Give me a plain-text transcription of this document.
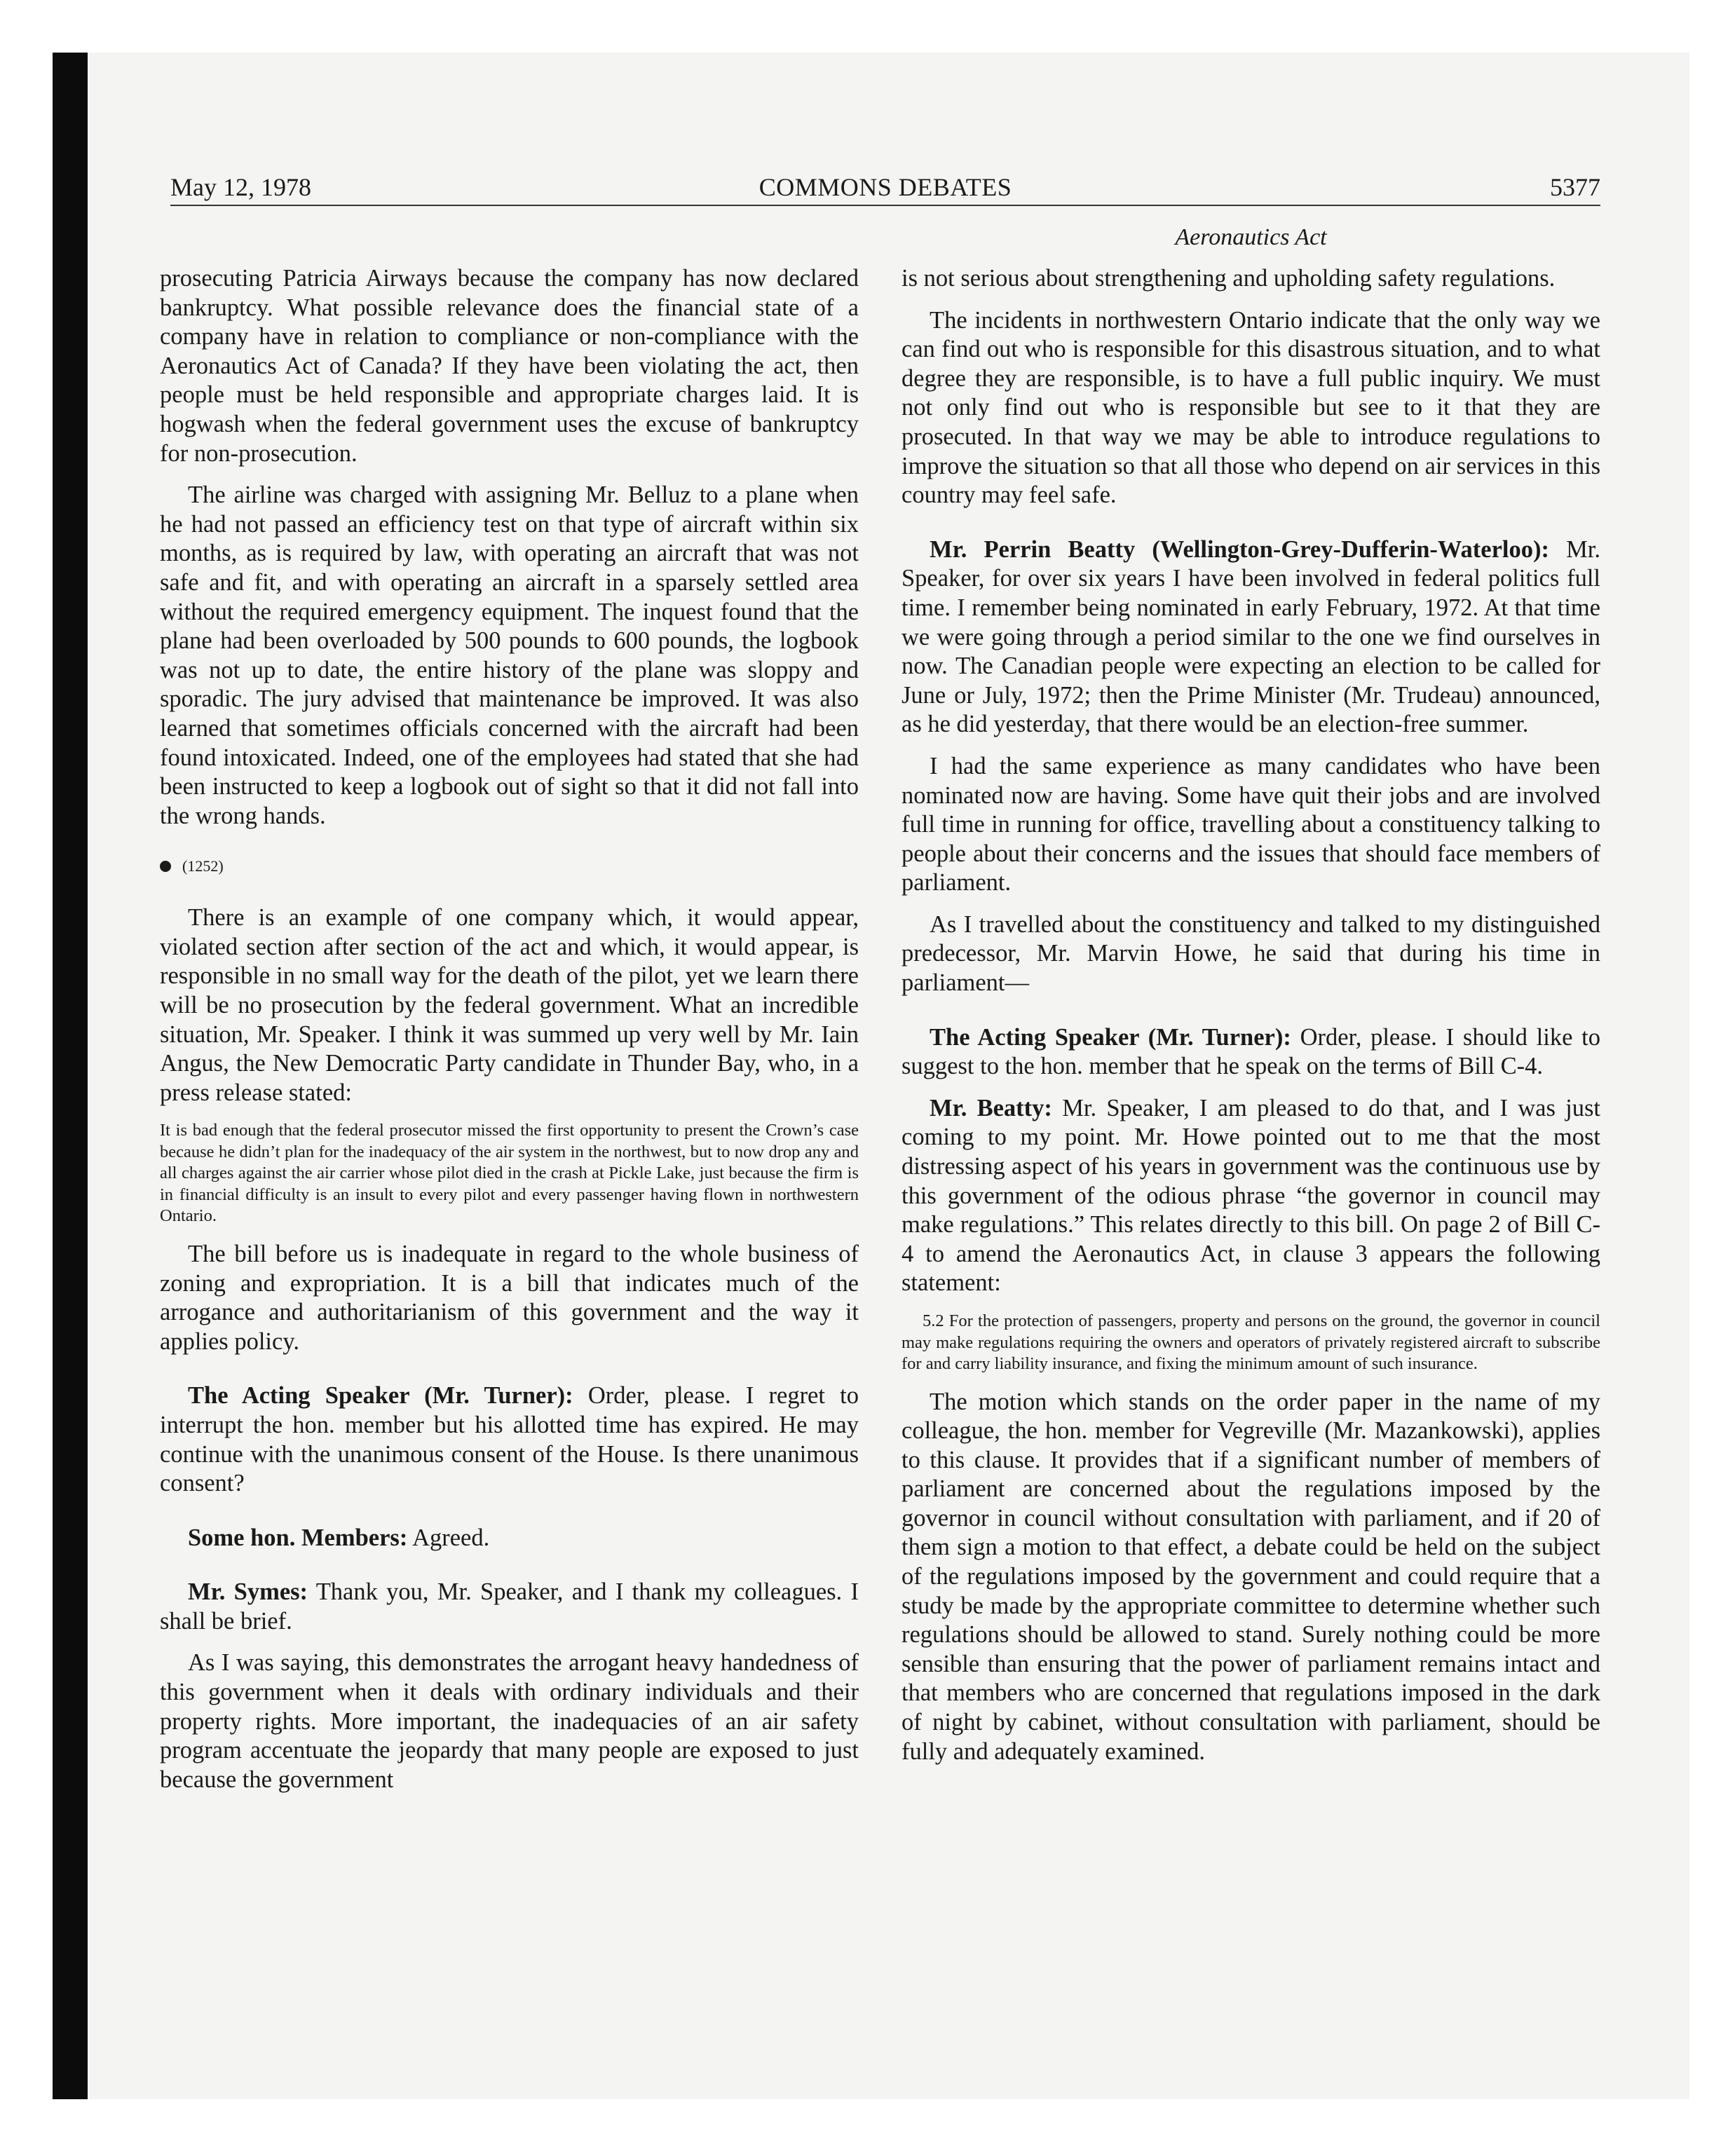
May 12, 1978	COMMONS DEBATES	5377
Aeronautics Act

prosecuting Patricia Airways because the company has now declared bankruptcy. What possible relevance does the financial state of a company have in relation to compliance or non-compliance with the Aeronautics Act of Canada? If they have been violating the act, then people must be held responsible and appropriate charges laid. It is hogwash when the federal government uses the excuse of bankruptcy for non-prosecution.

The airline was charged with assigning Mr. Belluz to a plane when he had not passed an efficiency test on that type of aircraft within six months, as is required by law, with operating an aircraft that was not safe and fit, and with operating an aircraft in a sparsely settled area without the required emergency equipment. The inquest found that the plane had been overloaded by 500 pounds to 600 pounds, the logbook was not up to date, the entire history of the plane was sloppy and sporadic. The jury advised that maintenance be improved. It was also learned that sometimes officials concerned with the aircraft had been found intoxicated. Indeed, one of the employees had stated that she had been instructed to keep a logbook out of sight so that it did not fall into the wrong hands.

(1252)

There is an example of one company which, it would appear, violated section after section of the act and which, it would appear, is responsible in no small way for the death of the pilot, yet we learn there will be no prosecution by the federal government. What an incredible situation, Mr. Speaker. I think it was summed up very well by Mr. Iain Angus, the New Democratic Party candidate in Thunder Bay, who, in a press release stated:

It is bad enough that the federal prosecutor missed the first opportunity to present the Crown’s case because he didn’t plan for the inadequacy of the air system in the northwest, but to now drop any and all charges against the air carrier whose pilot died in the crash at Pickle Lake, just because the firm is in financial difficulty is an insult to every pilot and every passenger having flown in northwestern Ontario.

The bill before us is inadequate in regard to the whole business of zoning and expropriation. It is a bill that indicates much of the arrogance and authoritarianism of this government and the way it applies policy.

The Acting Speaker (Mr. Turner): Order, please. I regret to interrupt the hon. member but his allotted time has expired. He may continue with the unanimous consent of the House. Is there unanimous consent?

Some hon. Members: Agreed.

Mr. Symes: Thank you, Mr. Speaker, and I thank my colleagues. I shall be brief.

As I was saying, this demonstrates the arrogant heavy handedness of this government when it deals with ordinary individuals and their property rights. More important, the inadequacies of an air safety program accentuate the jeopardy that many people are exposed to just because the government

is not serious about strengthening and upholding safety regulations.

The incidents in northwestern Ontario indicate that the only way we can find out who is responsible for this disastrous situation, and to what degree they are responsible, is to have a full public inquiry. We must not only find out who is responsible but see to it that they are prosecuted. In that way we may be able to introduce regulations to improve the situation so that all those who depend on air services in this country may feel safe.

Mr. Perrin Beatty (Wellington-Grey-Dufferin-Waterloo): Mr. Speaker, for over six years I have been involved in federal politics full time. I remember being nominated in early February, 1972. At that time we were going through a period similar to the one we find ourselves in now. The Canadian people were expecting an election to be called for June or July, 1972; then the Prime Minister (Mr. Trudeau) announced, as he did yesterday, that there would be an election-free summer.

I had the same experience as many candidates who have been nominated now are having. Some have quit their jobs and are involved full time in running for office, travelling about a constituency talking to people about their concerns and the issues that should face members of parliament.

As I travelled about the constituency and talked to my distinguished predecessor, Mr. Marvin Howe, he said that during his time in parliament—

The Acting Speaker (Mr. Turner): Order, please. I should like to suggest to the hon. member that he speak on the terms of Bill C-4.

Mr. Beatty: Mr. Speaker, I am pleased to do that, and I was just coming to my point. Mr. Howe pointed out to me that the most distressing aspect of his years in government was the continuous use by this government of the odious phrase “the governor in council may make regulations.” This relates directly to this bill. On page 2 of Bill C-4 to amend the Aeronautics Act, in clause 3 appears the following statement:

5.2 For the protection of passengers, property and persons on the ground, the governor in council may make regulations requiring the owners and operators of privately registered aircraft to subscribe for and carry liability insurance, and fixing the minimum amount of such insurance.

The motion which stands on the order paper in the name of my colleague, the hon. member for Vegreville (Mr. Mazankowski), applies to this clause. It provides that if a significant number of members of parliament are concerned about the regulations imposed by the governor in council without consultation with parliament, and if 20 of them sign a motion to that effect, a debate could be held on the subject of the regulations imposed by the government and could require that a study be made by the appropriate committee to determine whether such regulations should be allowed to stand. Surely nothing could be more sensible than ensuring that the power of parliament remains intact and that members who are concerned that regulations imposed in the dark of night by cabinet, without consultation with parliament, should be fully and adequately examined.
